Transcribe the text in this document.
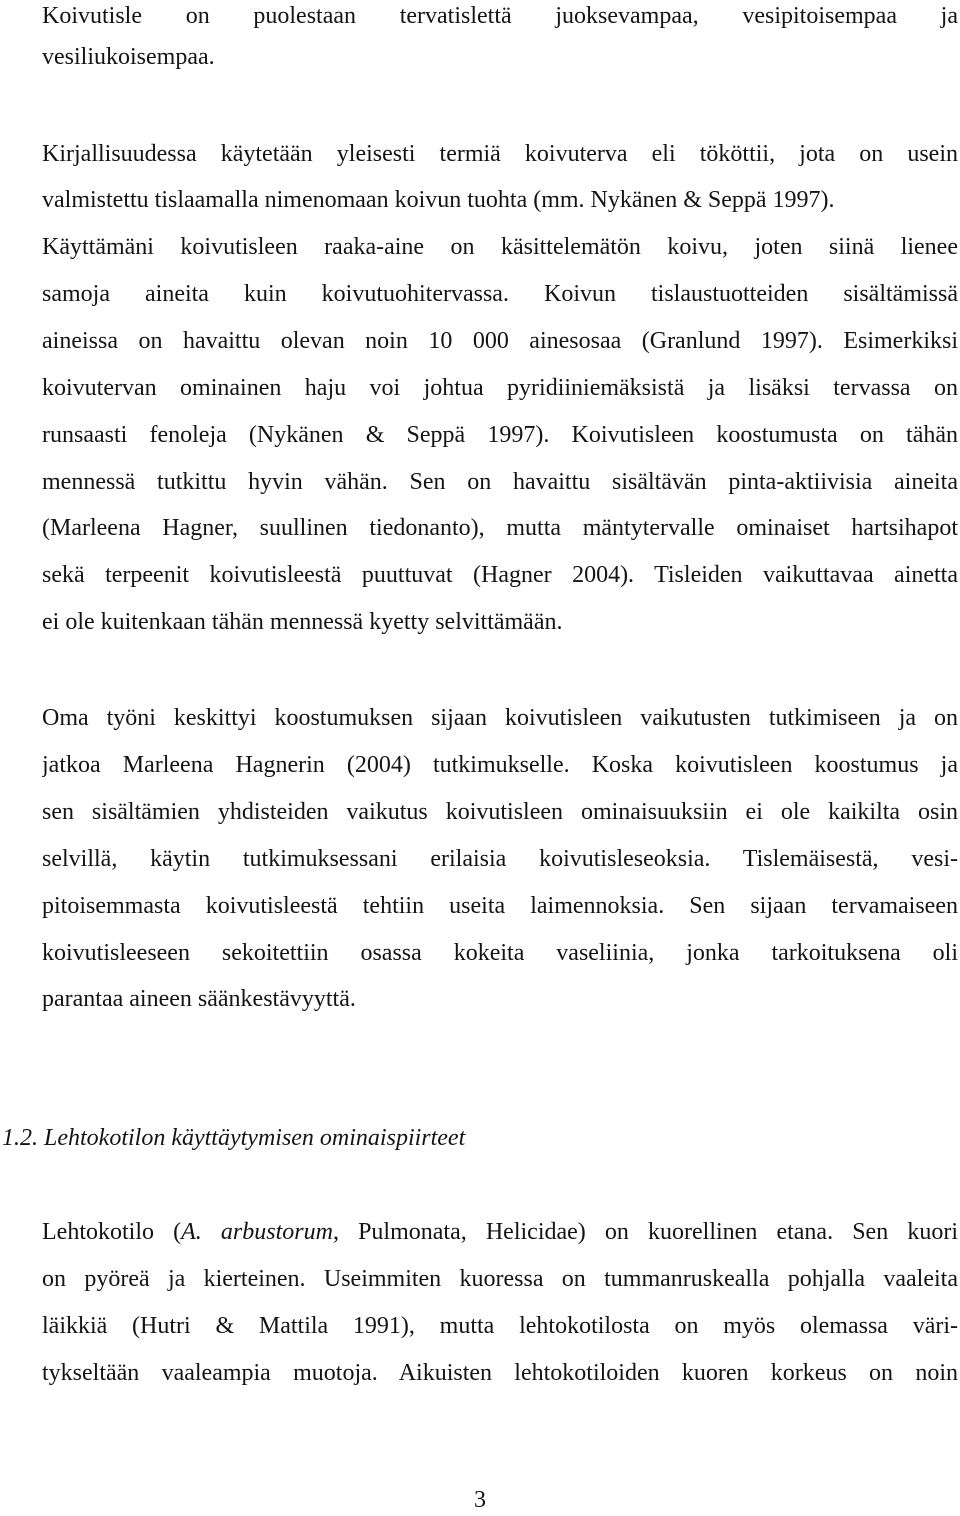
Koivutisle on puolestaan tervatislettä juoksevampaa, vesipitoisempaa ja
vesiliukoisempaa.
Kirjallisuudessa käytetään yleisesti termiä koivuterva eli tököttii, jota on usein
valmistettu tislaamalla nimenomaan koivun tuohta (mm. Nykänen & Seppä 1997).
Käyttämäni koivutisleen raaka-aine on käsittelemätön koivu, joten siinä lienee
samoja aineita kuin koivutuohitervassa. Koivun tislaustuotteiden sisältämissä
aineissa on havaittu olevan noin 10 000 ainesosaa (Granlund 1997). Esimerkiksi
koivutervan ominainen haju voi johtua pyridiiniemäksistä ja lisäksi tervassa on
runsaasti fenoleja (Nykänen & Seppä 1997). Koivutisleen koostumusta on tähän
mennessä tutkittu hyvin vähän. Sen on havaittu sisältävän pinta-aktiivisia aineita
(Marleena Hagner, suullinen tiedonanto), mutta mäntytervalle ominaiset hartsihapot
sekä terpeenit koivutisleestä puuttuvat (Hagner 2004). Tisleiden vaikuttavaa ainetta
ei ole kuitenkaan tähän mennessä kyetty selvittämään.
Oma työni keskittyi koostumuksen sijaan koivutisleen vaikutusten tutkimiseen ja on
jatkoa Marleena Hagnerin (2004) tutkimukselle. Koska koivutisleen koostumus ja
sen sisältämien yhdisteiden vaikutus koivutisleen ominaisuuksiin ei ole kaikilta osin
selvillä, käytin tutkimuksessani erilaisia koivutisleseoksia. Tislemäisestä, vesi-
pitoisemmasta koivutisleestä tehtiin useita laimennoksia. Sen sijaan tervamaiseen
koivutisleeseen sekoitettiin osassa kokeita vaseliinia, jonka tarkoituksena oli
parantaa aineen säänkestävyyttä.
1.2. Lehtokotilon käyttäytymisen ominaispiirteet
Lehtokotilo (A. arbustorum, Pulmonata, Helicidae) on kuorellinen etana. Sen kuori
on pyöreä ja kierteinen. Useimmiten kuoressa on tummanruskealla pohjalla vaaleita
läikkiä (Hutri & Mattila 1991), mutta lehtokotilosta on myös olemassa väri-
tykseltään vaaleampia muotoja. Aikuisten lehtokotiloiden kuoren korkeus on noin
3
